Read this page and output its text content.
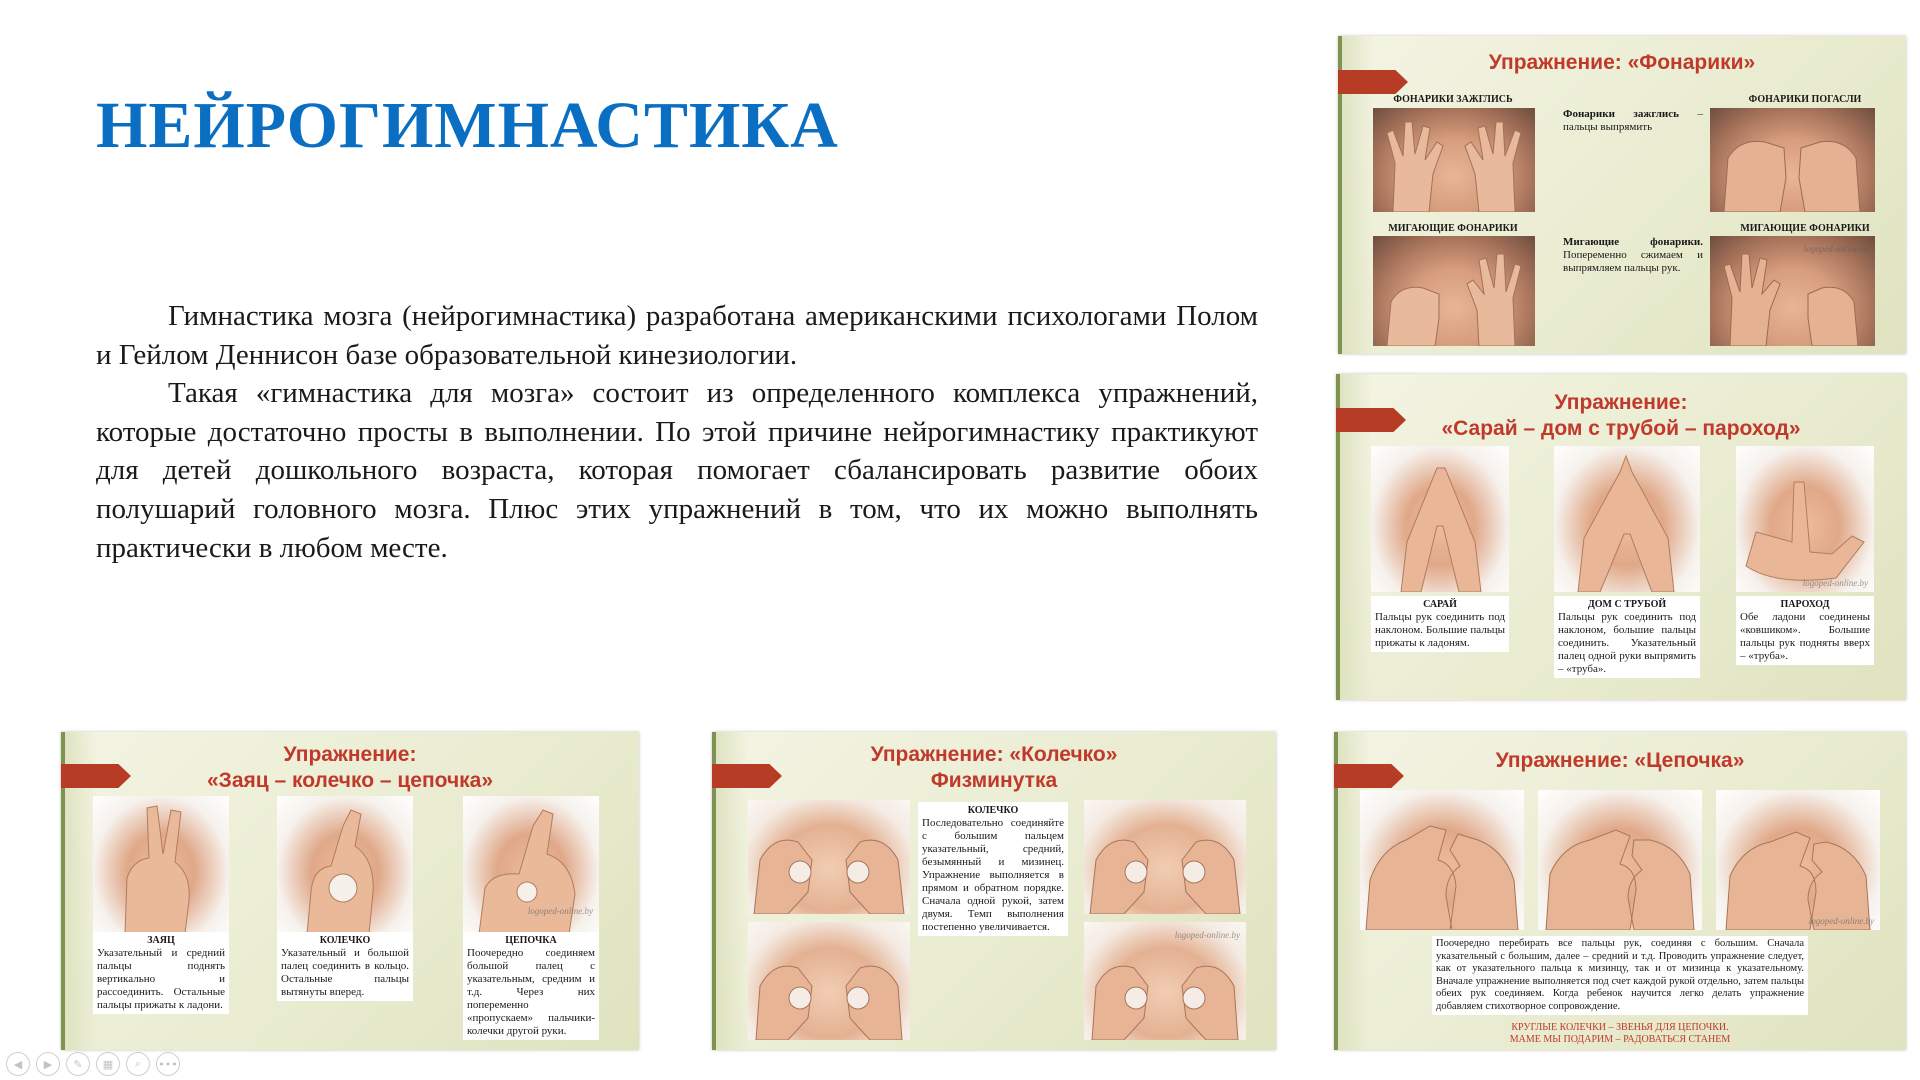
НЕЙРОГИМНАСТИКА

Гимнастика мозга (нейрогимнастика) разработана американскими психологами Полом и Гейлом Деннисон базе образовательной кинезиологии.

Такая «гимнастика для мозга» состоит из определенного комплекса упражнений, которые достаточно просты в выполнении. По этой причине нейрогимнастику практикуют для детей дошкольного возраста, которая помогает сбалансировать развитие обоих полушарий головного мозга. Плюс этих упражнений в том, что их можно выполнять практически в любом месте.

Упражнение: «Фонарики»
ФОНАРИКИ ЗАЖГЛИСЬ
Фонарики зажглись – пальцы выпрямить
ФОНАРИКИ ПОГАСЛИ
МИГАЮЩИЕ ФОНАРИКИ
Мигающие фонарики. Попеременно сжимаем и выпрямляем пальцы рук.
МИГАЮЩИЕ ФОНАРИКИ
logoped-online.by
Упражнение:
«Сарай – дом с трубой – пароход»
logoped-online.by
САРАЙ
Пальцы рук соединить под наклоном. Большие пальцы прижаты к ладоням.
ДОМ С ТРУБОЙ
Пальцы рук соединить под наклоном, большие пальцы соединить. Указательный палец одной руки выпрямить – «труба».
ПАРОХОД
Обе ладони соединены «ковшиком». Большие пальцы рук подняты вверх – «труба».
Упражнение:
«Заяц – колечко – цепочка»
logoped-online.by
ЗАЯЦ
Указательный и средний пальцы поднять вертикально и рассоединить. Остальные пальцы прижаты к ладони.
КОЛЕЧКО
Указательный и большой палец соединить в кольцо. Остальные пальцы вытянуты вперед.
ЦЕПОЧКА
Поочередно соединяем большой палец с указательным, средним и т.д. Через них попеременно «пропускаем» пальчики-колечки другой руки.
Упражнение: «Колечко»
Физминутка
КОЛЕЧКО
Последовательно соединяйте с большим пальцем указательный, средний, безымянный и мизинец. Упражнение выполняется в прямом и обратном порядке. Сначала одной рукой, затем двумя. Темп выполнения постепенно увеличивается.
logoped-online.by
Упражнение: «Цепочка»
logoped-online.by
Поочередно перебирать все пальцы рук, соединяя с большим. Сначала указательный с большим, далее – средний и т.д. Проводить упражнение следует, как от указательного пальца к мизинцу, так и от мизинца к указательному. Вначале упражнение выполняется под счет каждой рукой отдельно, затем пальцы обеих рук соединяем. Когда ребенок научится легко делать упражнение добавляем стихотворное сопровождение.
КРУГЛЫЕ КОЛЕЧКИ – ЗВЕНЬЯ ДЛЯ ЦЕПОЧКИ.
МАМЕ МЫ ПОДАРИМ – РАДОВАТЬСЯ СТАНЕМ
◀	▶	✎	▦	⌕	•••
